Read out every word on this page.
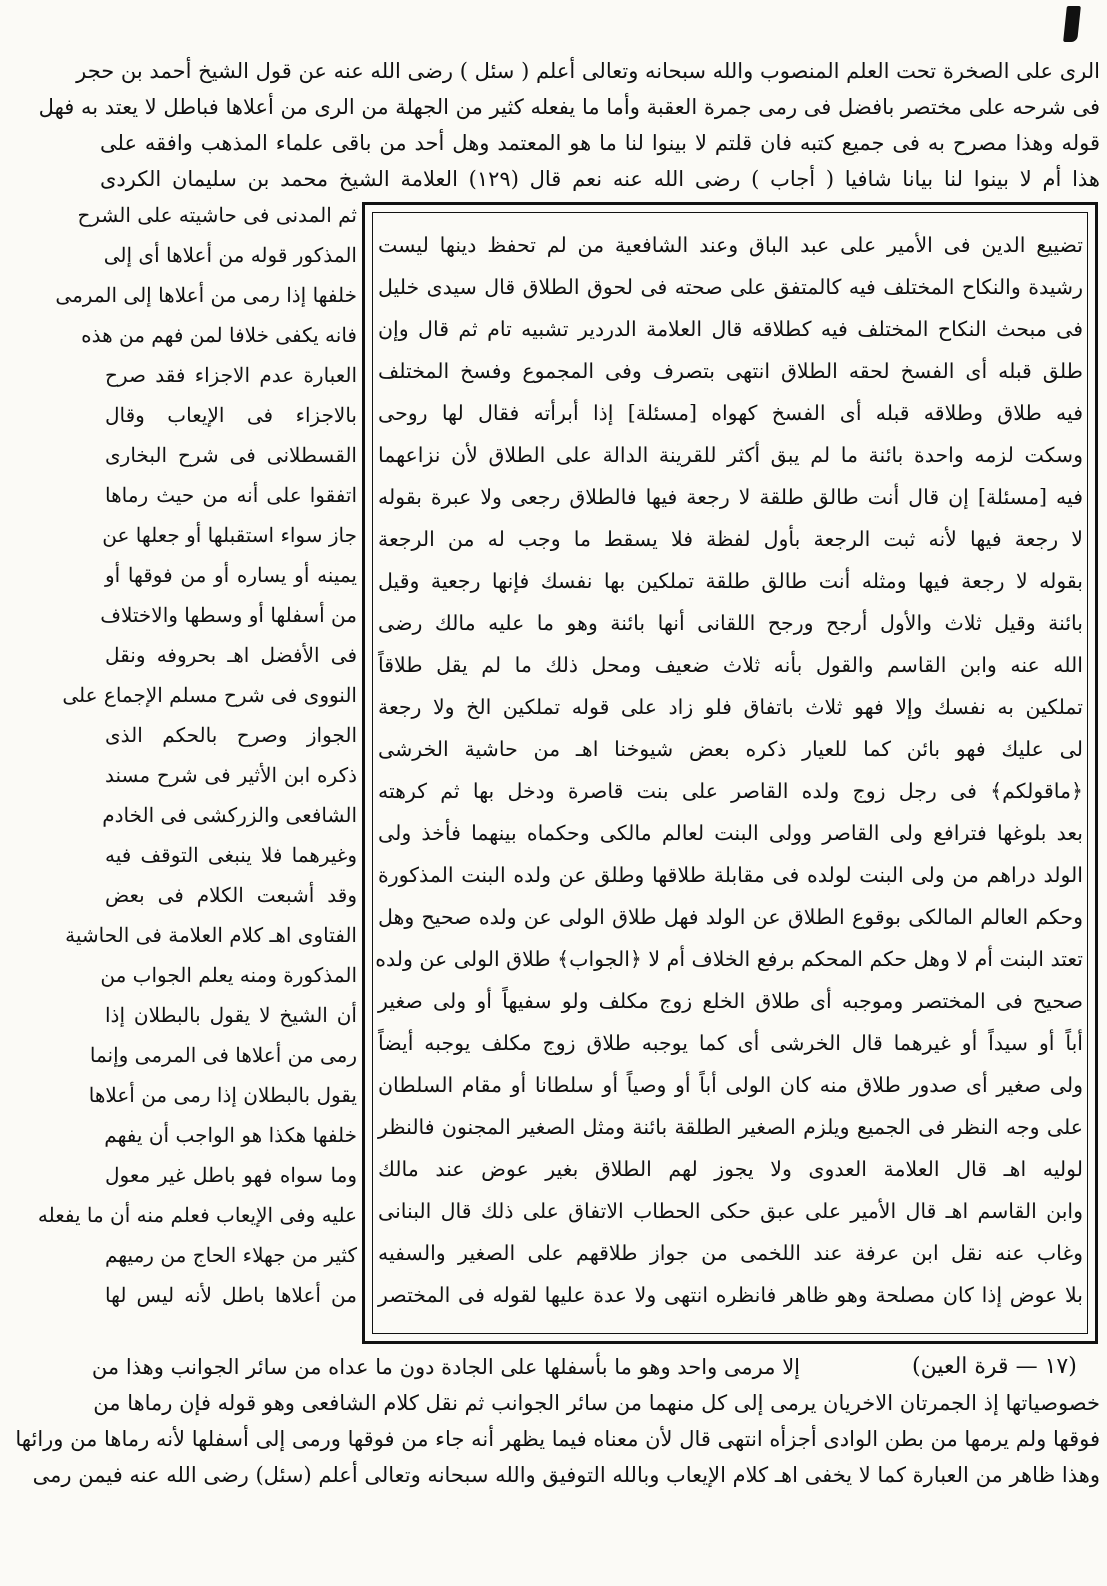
الرى على الصخرة تحت العلم المنصوب والله سبحانه وتعالى أعلم ( سئل ) رضى الله عنه عن قول الشيخ أحمد بن حجر
فى شرحه على مختصر بافضل فى رمى جمرة العقبة وأما ما يفعله كثير من الجهلة من الرى من أعلاها فباطل لا يعتد به فهل
قوله وهذا مصرح به فى جميع كتبه فان قلتم لا بينوا لنا ما هو المعتمد وهل أحد من باقى علماء المذهب وافقه على
هذا أم لا بينوا لنا بيانا شافيا ( أجاب ) رضى الله عنه نعم قال (١٢٩) العلامة الشيخ محمد بن سليمان الكردى
تضييع الدين فى الأمير على عبد الباق وعند الشافعية من لم تحفظ دينها ليست
رشيدة والنكاح المختلف فيه كالمتفق على صحته فى لحوق الطلاق قال سيدى خليل
فى مبحث النكاح المختلف فيه كطلاقه قال العلامة الدردير تشبيه تام ثم قال وإن
طلق قبله أى الفسخ لحقه الطلاق انتهى بتصرف وفى المجموع وفسخ المختلف
فيه طلاق وطلاقه قبله أى الفسخ كهواه [مسئلة] إذا أبرأته فقال لها روحى
وسكت لزمه واحدة بائنة ما لم يبق أكثر للقرينة الدالة على الطلاق لأن نزاعهما
فيه [مسئلة] إن قال أنت طالق طلقة لا رجعة فيها فالطلاق رجعى ولا عبرة بقوله
لا رجعة فيها لأنه ثبت الرجعة بأول لفظة فلا يسقط ما وجب له من الرجعة
بقوله لا رجعة فيها ومثله أنت طالق طلقة تملكين بها نفسك فإنها رجعية وقيل
بائنة وقيل ثلاث والأول أرجح ورجح اللقانى أنها بائنة وهو ما عليه مالك رضى
الله عنه وابن القاسم والقول بأنه ثلاث ضعيف ومحل ذلك ما لم يقل طلاقاً
تملكين به نفسك وإلا فهو ثلاث باتفاق فلو زاد على قوله تملكين الخ ولا رجعة
لى عليك فهو بائن كما للعيار ذكره بعض شيوخنا اهـ من حاشية الخرشى
﴿ماقولكم﴾ فى رجل زوج ولده القاصر على بنت قاصرة ودخل بها ثم كرهته
بعد بلوغها فترافع ولى القاصر وولى البنت لعالم مالكى وحكماه بينهما فأخذ ولى
الولد دراهم من ولى البنت لولده فى مقابلة طلاقها وطلق عن ولده البنت المذكورة
وحكم العالم المالكى بوقوع الطلاق عن الولد فهل طلاق الولى عن ولده صحيح وهل
تعتد البنت أم لا وهل حكم المحكم برفع الخلاف أم لا ﴿الجواب﴾ طلاق الولى عن ولده
صحيح فى المختصر وموجبه أى طلاق الخلع زوج مكلف ولو سفيهاً أو ولى صغير
أباً أو سيداً أو غيرهما قال الخرشى أى كما يوجبه طلاق زوج مكلف يوجبه أيضاً
ولى صغير أى صدور طلاق منه كان الولى أباً أو وصياً أو سلطانا أو مقام السلطان
على وجه النظر فى الجميع ويلزم الصغير الطلقة بائنة ومثل الصغير المجنون فالنظر
لوليه اهـ قال العلامة العدوى ولا يجوز لهم الطلاق بغير عوض عند مالك
وابن القاسم اهـ قال الأمير على عبق حكى الحطاب الاتفاق على ذلك قال البنانى
وغاب عنه نقل ابن عرفة عند اللخمى من جواز طلاقهم على الصغير والسفيه
بلا عوض إذا كان مصلحة وهو ظاهر فانظره انتهى ولا عدة عليها لقوله فى المختصر
ثم المدنى فى حاشيته على الشرح
المذكور قوله من أعلاها أى إلى
خلفها إذا رمى من أعلاها إلى المرمى
فانه يكفى خلافا لمن فهم من هذه
العبارة عدم الاجزاء فقد صرح
بالاجزاء فى الإيعاب وقال
القسطلانى فى شرح البخارى
اتفقوا على أنه من حيث رماها
جاز سواء استقبلها أو جعلها عن
يمينه أو يساره أو من فوقها أو
من أسفلها أو وسطها والاختلاف
فى الأفضل اهـ بحروفه ونقل
النووى فى شرح مسلم الإجماع على
الجواز وصرح بالحكم الذى
ذكره ابن الأثير فى شرح مسند
الشافعى والزركشى فى الخادم
وغيرهما فلا ينبغى التوقف فيه
وقد أشبعت الكلام فى بعض
الفتاوى اهـ كلام العلامة فى الحاشية
المذكورة ومنه يعلم الجواب من
أن الشيخ لا يقول بالبطلان إذا
رمى من أعلاها فى المرمى وإنما
يقول بالبطلان إذا رمى من أعلاها
خلفها هكذا هو الواجب أن يفهم
وما سواه فهو باطل غير معول
عليه وفى الإيعاب فعلم منه أن ما يفعله
كثير من جهلاء الحاج من رميهم
من أعلاها باطل لأنه ليس لها
(١٧ — قرة العين)
إلا مرمى واحد وهو ما بأسفلها على الجادة دون ما عداه من سائر الجوانب وهذا من
خصوصياتها إذ الجمرتان الاخريان يرمى إلى كل منهما من سائر الجوانب ثم نقل كلام الشافعى وهو قوله فإن رماها من
فوقها ولم يرمها من بطن الوادى أجزأه انتهى قال لأن معناه فيما يظهر أنه جاء من فوقها ورمى إلى أسفلها لأنه رماها من ورائها
وهذا ظاهر من العبارة كما لا يخفى اهـ كلام الإيعاب وبالله التوفيق والله سبحانه وتعالى أعلم (سئل) رضى الله عنه فيمن رمى
